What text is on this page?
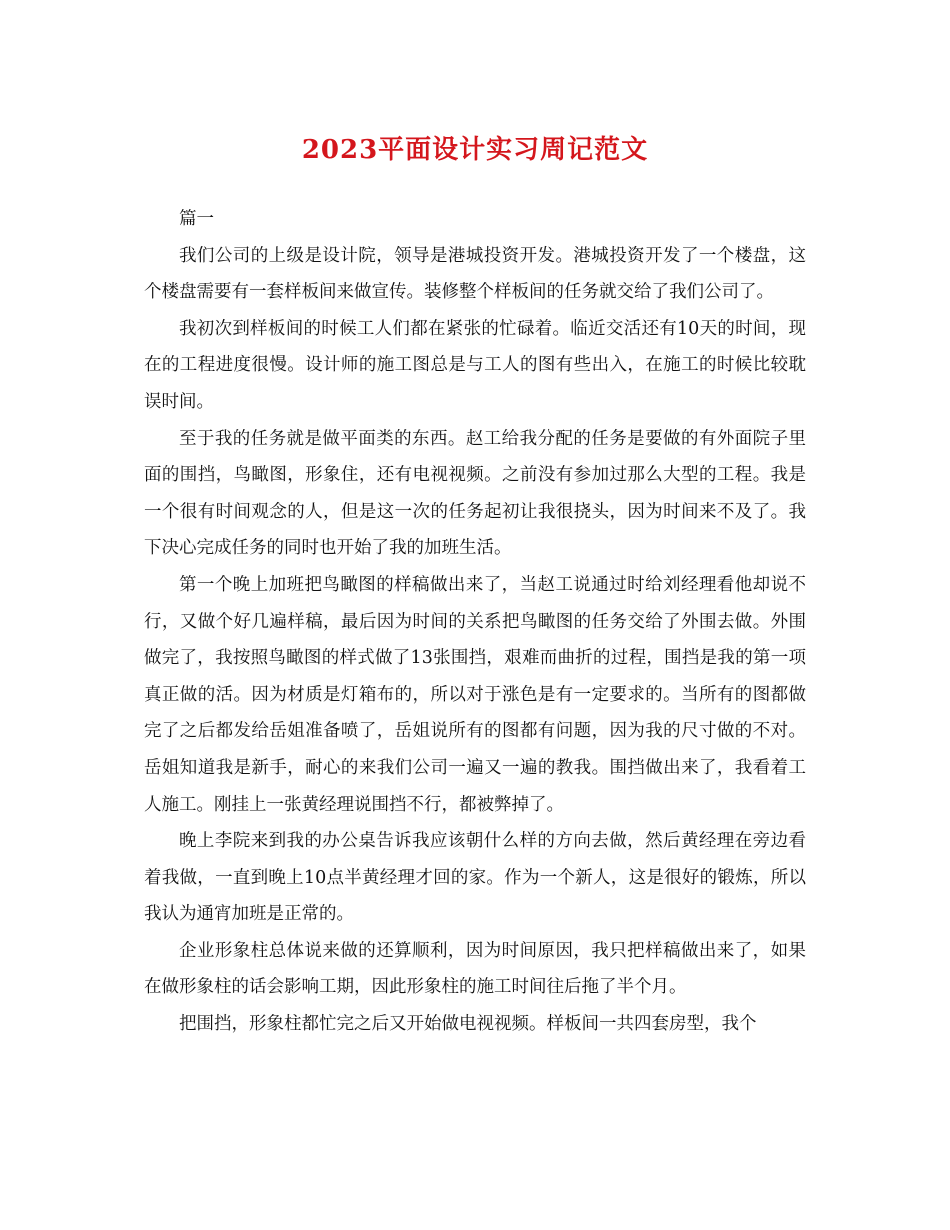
2023平面设计实习周记范文

篇一

我们公司的上级是设计院，领导是港城投资开发。港城投资开发了一个楼盘，这个楼盘需要有一套样板间来做宣传。装修整个样板间的任务就交给了我们公司了。

我初次到样板间的时候工人们都在紧张的忙碌着。临近交活还有10天的时间，现在的工程进度很慢。设计师的施工图总是与工人的图有些出入，在施工的时候比较耽误时间。

至于我的任务就是做平面类的东西。赵工给我分配的任务是要做的有外面院子里面的围挡，鸟瞰图，形象住，还有电视视频。之前没有参加过那么大型的工程。我是一个很有时间观念的人，但是这一次的任务起初让我很挠头，因为时间来不及了。我下决心完成任务的同时也开始了我的加班生活。

第一个晚上加班把鸟瞰图的样稿做出来了，当赵工说通过时给刘经理看他却说不行，又做个好几遍样稿，最后因为时间的关系把鸟瞰图的任务交给了外围去做。外围做完了，我按照鸟瞰图的样式做了13张围挡，艰难而曲折的过程，围挡是我的第一项真正做的活。因为材质是灯箱布的，所以对于涨色是有一定要求的。当所有的图都做完了之后都发给岳姐准备喷了，岳姐说所有的图都有问题，因为我的尺寸做的不对。岳姐知道我是新手，耐心的来我们公司一遍又一遍的教我。围挡做出来了，我看着工人施工。刚挂上一张黄经理说围挡不行，都被弊掉了。

晚上李院来到我的办公桌告诉我应该朝什么样的方向去做，然后黄经理在旁边看着我做，一直到晚上10点半黄经理才回的家。作为一个新人，这是很好的锻炼，所以我认为通宵加班是正常的。

企业形象柱总体说来做的还算顺利，因为时间原因，我只把样稿做出来了，如果在做形象柱的话会影响工期，因此形象柱的施工时间往后拖了半个月。

把围挡，形象柱都忙完之后又开始做电视视频。样板间一共四套房型，我个
